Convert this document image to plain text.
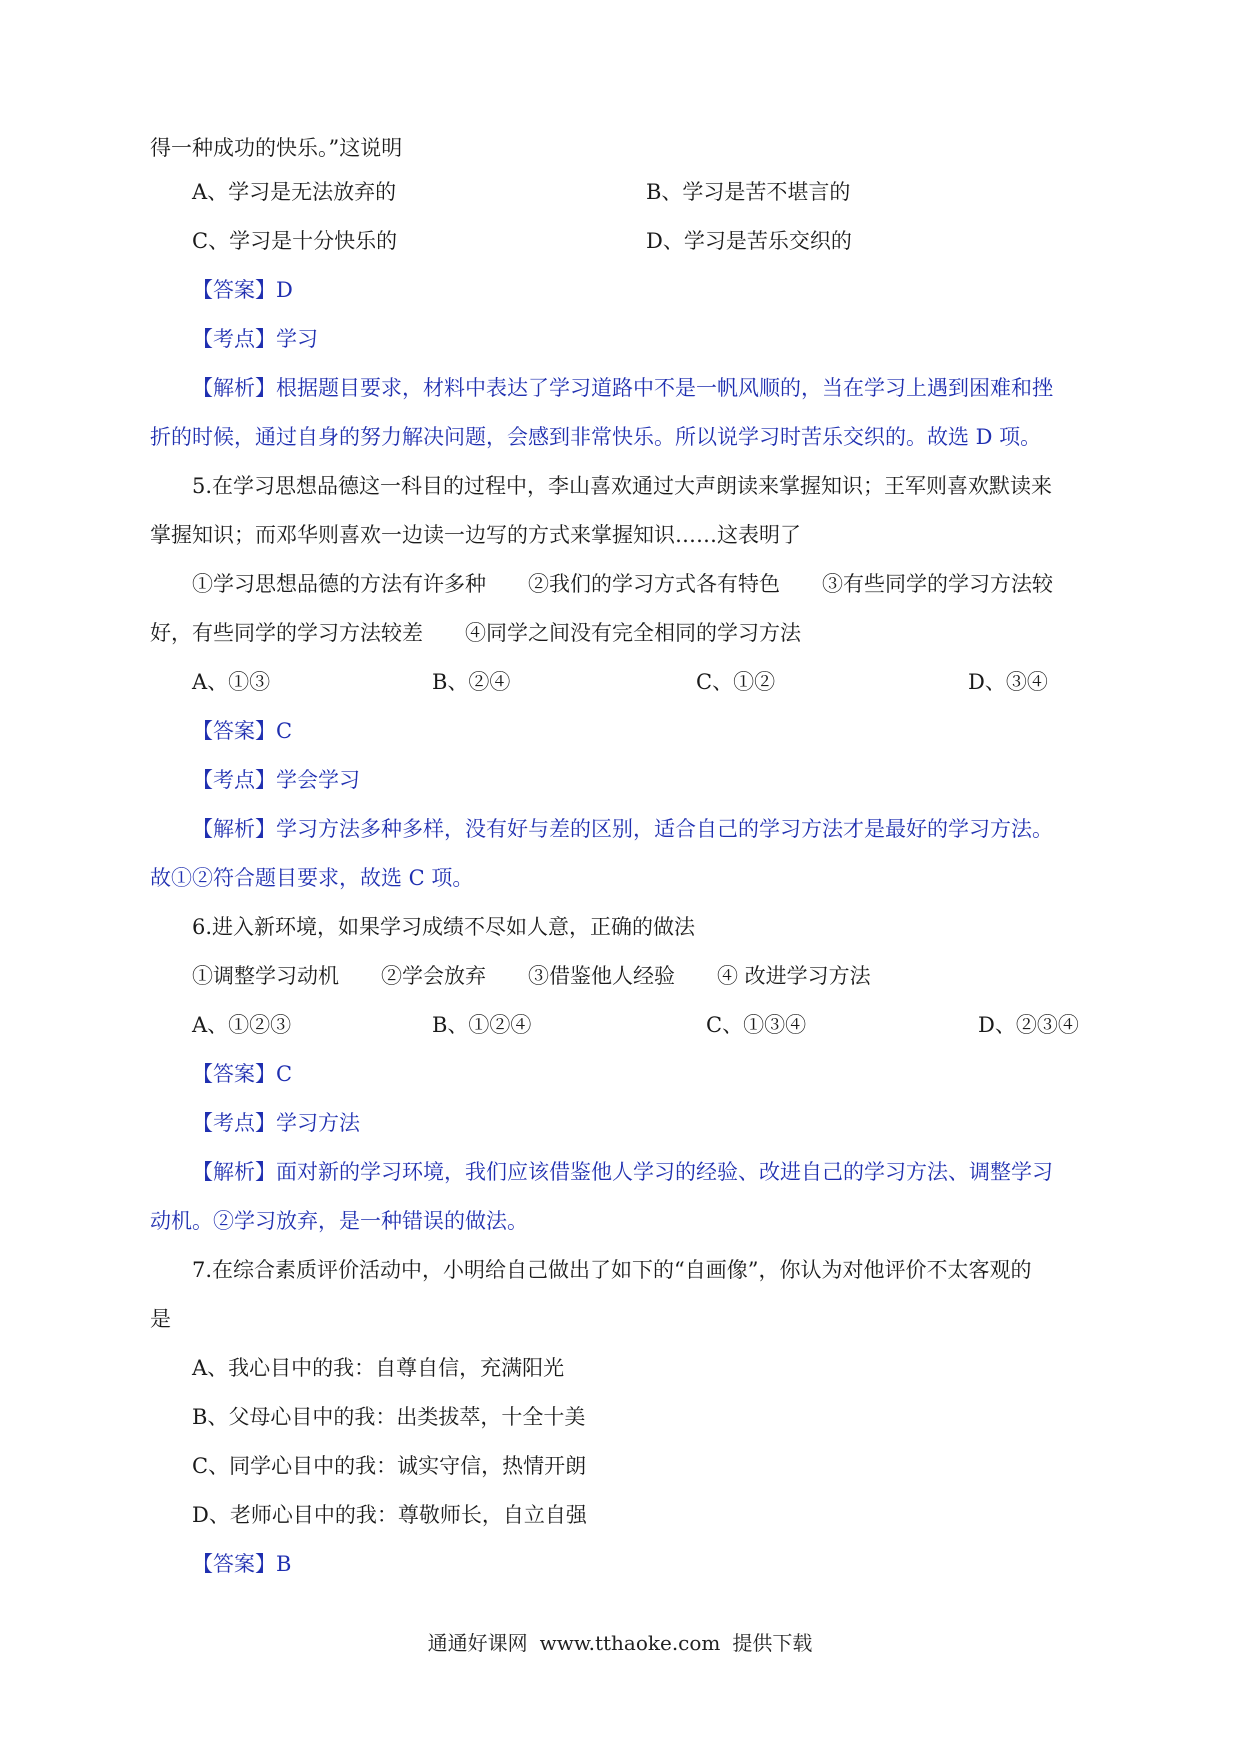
得一种成功的快乐。”这说明
A、学习是无法放弃的	B、学习是苦不堪言的
C、学习是十分快乐的	D、学习是苦乐交织的
【答案】D
【考点】学习
【解析】根据题目要求，材料中表达了学习道路中不是一帆风顺的，当在学习上遇到困难和挫
折的时候，通过自身的努力解决问题，会感到非常快乐。所以说学习时苦乐交织的。故选 D 项。
5.在学习思想品德这一科目的过程中，李山喜欢通过大声朗读来掌握知识；王军则喜欢默读来
掌握知识；而邓华则喜欢一边读一边写的方式来掌握知识……这表明了
①学习思想品德的方法有许多种　　②我们的学习方式各有特色　　③有些同学的学习方法较
好，有些同学的学习方法较差　　④同学之间没有完全相同的学习方法
A、①③	B、②④	C、①②	D、③④
【答案】C
【考点】学会学习
【解析】学习方法多种多样，没有好与差的区别，适合自己的学习方法才是最好的学习方法。
故①②符合题目要求，故选 C 项。
6.进入新环境，如果学习成绩不尽如人意，正确的做法
①调整学习动机　　②学会放弃　　③借鉴他人经验　　④ 改进学习方法
A、①②③	B、①②④	C、①③④	D、②③④
【答案】C
【考点】学习方法
【解析】面对新的学习环境，我们应该借鉴他人学习的经验、改进自己的学习方法、调整学习
动机。②学习放弃，是一种错误的做法。
7.在综合素质评价活动中，小明给自己做出了如下的“自画像”，你认为对他评价不太客观的
是
A、我心目中的我：自尊自信，充满阳光
B、父母心目中的我：出类拔萃，十全十美
C、同学心目中的我：诚实守信，热情开朗
D、老师心目中的我：尊敬师长，自立自强
【答案】B
通通好课网 www.tthaoke.com 提供下载
